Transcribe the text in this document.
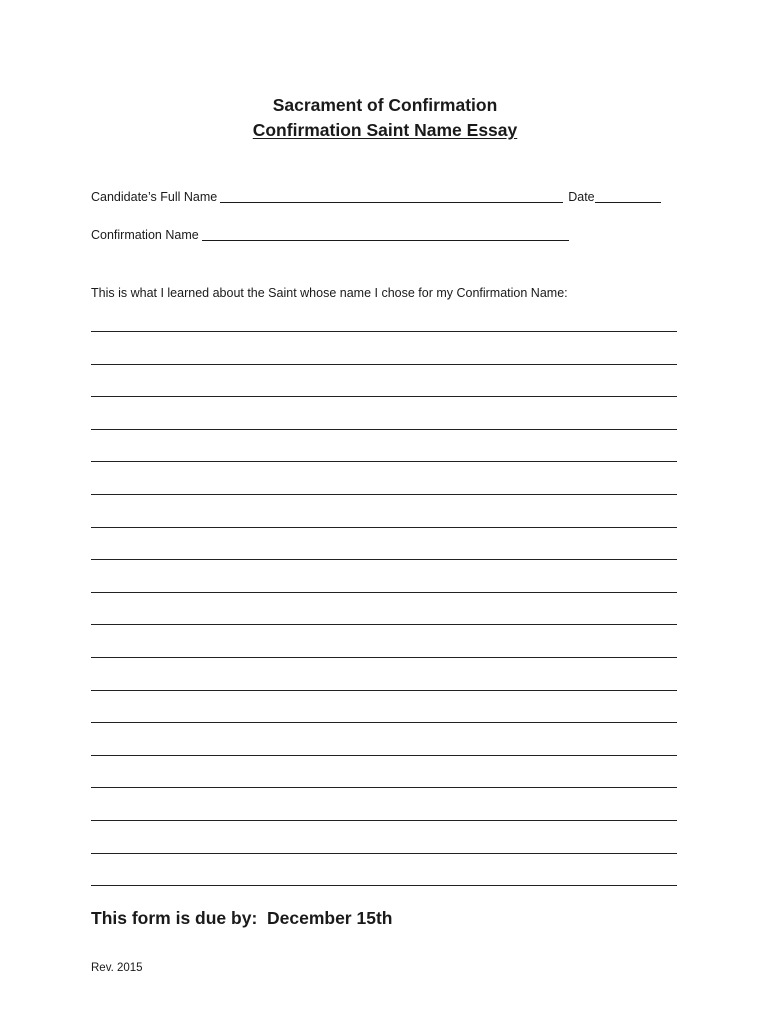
Sacrament of Confirmation
Confirmation Saint Name Essay
Candidate’s Full Name	Date
Confirmation Name
This is what I learned about the Saint whose name I chose for my Confirmation Name:
This form is due by:  December 15th
Rev. 2015
